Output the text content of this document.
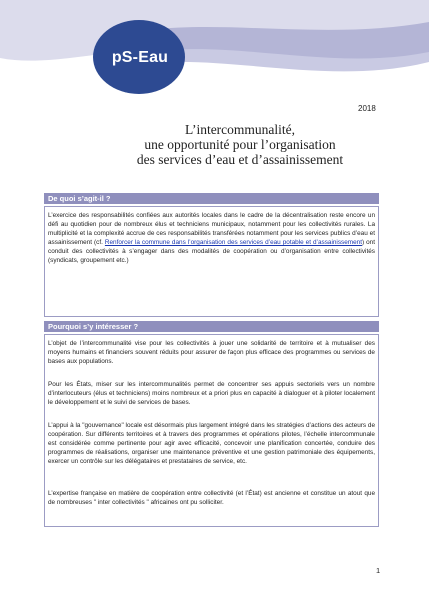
pS-Eau
2018
L’intercommunalité,
une opportunité pour l’organisation
des services d’eau et d’assainissement
De quoi s’agit-il ?
L’exercice des responsabilités confiées aux autorités locales dans le cadre de la décentralisation reste encore un défi au quotidien pour de nombreux élus et techniciens municipaux, notamment pour les collectivités rurales. La multiplicité et la complexité accrue de ces responsabilités transférées notamment pour les services publics d’eau et assainissement (cf. Renforcer la commune dans l’organisation des services d’eau potable et d’assainissement) ont conduit des collectivités à s’engager dans des modalités de coopération ou d’organisation entre collectivités (syndicats, groupement etc.)
Pourquoi s’y intéresser ?
L’objet de l’intercommunalité vise pour les collectivités à jouer une solidarité de territoire et à mutualiser des moyens humains et financiers souvent réduits pour assurer de façon plus efficace des programmes ou services de bases aux populations.
Pour les États, miser sur les intercommunalités permet de concentrer ses appuis sectoriels vers un nombre d’interlocuteurs (élus et techniciens) moins nombreux et a priori plus en capacité à dialoguer et à piloter localement le développement et le suivi de services de bases.
L’appui à la "gouvernance" locale est désormais plus largement intégré dans les stratégies d’actions des acteurs de coopération. Sur différents territoires et à travers des programmes et opérations pilotes, l’échelle intercommunale est considérée comme pertinente pour agir avec efficacité, concevoir une planification concertée, conduire des programmes de réalisations, organiser une maintenance préventive et une gestion patrimoniale des équipements, exercer un contrôle sur les délégataires et prestataires de service, etc.
L’expertise française en matière de coopération entre collectivité (et l’État) est ancienne et constitue un atout que de nombreuses " inter collectivités " africaines ont pu solliciter.
1
